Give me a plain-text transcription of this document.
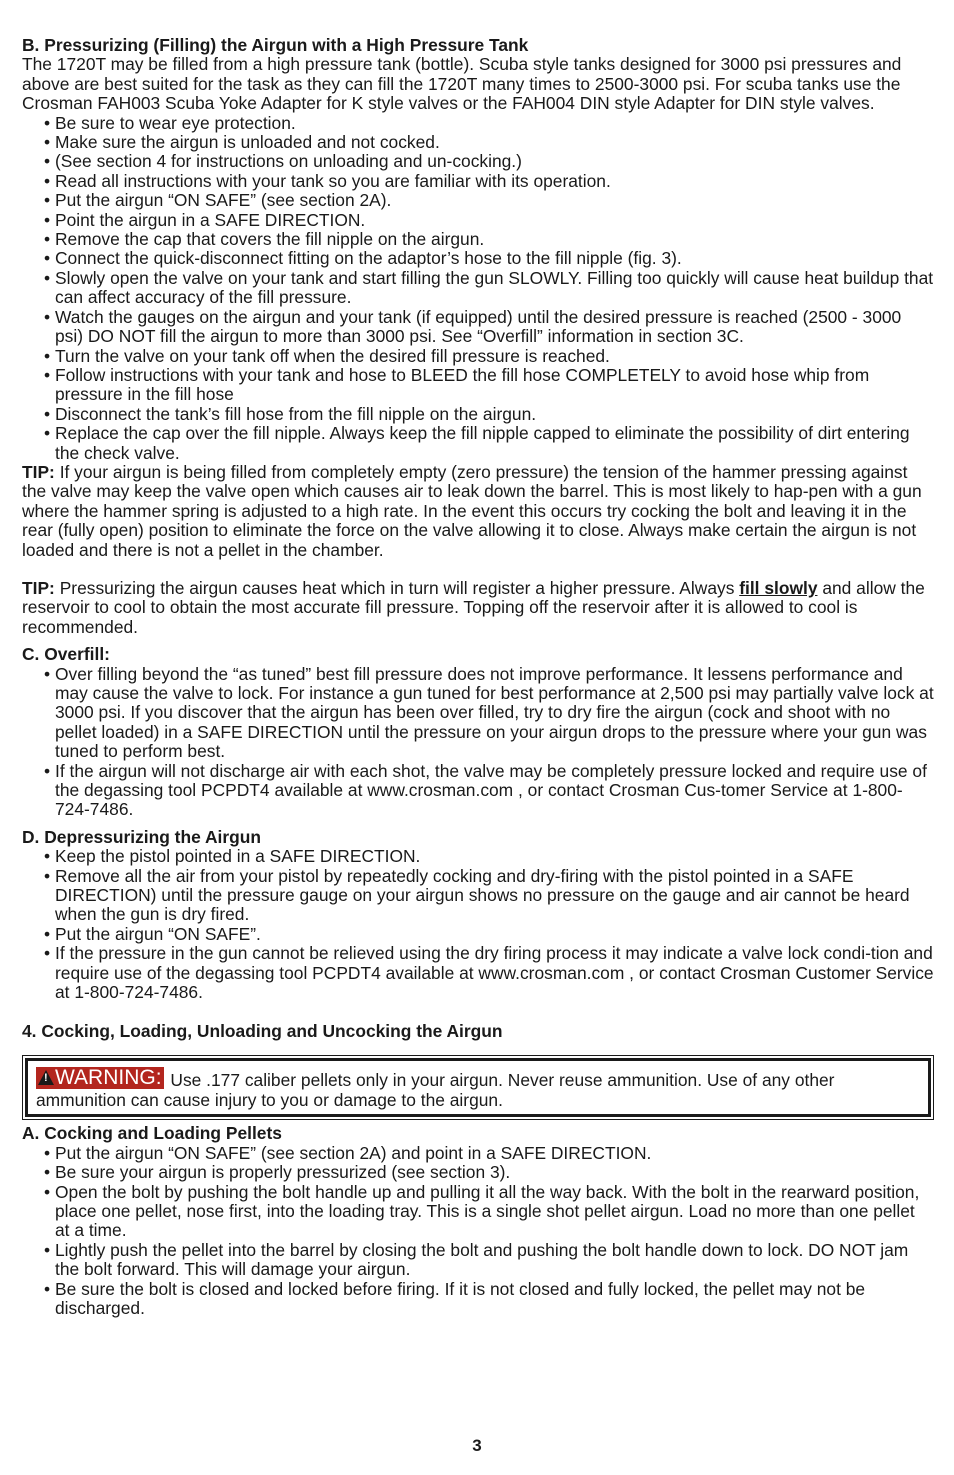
B. Pressurizing (Filling) the Airgun with a High Pressure Tank

The 1720T may be filled from a high pressure tank (bottle). Scuba style tanks designed for 3000 psi pressures and above are best suited for the task as they can fill the 1720T many times to 2500-3000 psi. For scuba tanks use the Crosman FAH003 Scuba Yoke Adapter for K style valves or the FAH004 DIN style Adapter for DIN style valves.

• Be sure to wear eye protection.
• Make sure the airgun is unloaded and not cocked.
• (See section 4 for instructions on unloading and un-cocking.)
• Read all instructions with your tank so you are familiar with its operation.
• Put the airgun “ON SAFE” (see section 2A).
• Point the airgun in a SAFE DIRECTION.
• Remove the cap that covers the fill nipple on the airgun.
• Connect the quick-disconnect fitting on the adaptor’s hose to the fill nipple (fig. 3).
• Slowly open the valve on your tank and start filling the gun SLOWLY. Filling too quickly will cause heat buildup that can affect accuracy of the fill pressure.
• Watch the gauges on the airgun and your tank (if equipped) until the desired pressure is reached (2500 - 3000 psi) DO NOT fill the airgun to more than 3000 psi. See “Overfill” information in section 3C.
• Turn the valve on your tank off when the desired fill pressure is reached.
• Follow instructions with your tank and hose to BLEED the fill hose COMPLETELY to avoid hose whip from pressure in the fill hose
• Disconnect the tank’s fill hose from the fill nipple on the airgun.
• Replace the cap over the fill nipple. Always keep the fill nipple capped to eliminate the possibility of dirt entering the check valve.

TIP: If your airgun is being filled from completely empty (zero pressure) the tension of the hammer pressing against the valve may keep the valve open which causes air to leak down the barrel. This is most likely to hap-pen with a gun where the hammer spring is adjusted to a high rate. In the event this occurs try cocking the bolt and leaving it in the rear (fully open) position to eliminate the force on the valve allowing it to close. Always make certain the airgun is not loaded and there is not a pellet in the chamber.

TIP: Pressurizing the airgun causes heat which in turn will register a higher pressure. Always fill slowly and allow the reservoir to cool to obtain the most accurate fill pressure. Topping off the reservoir after it is allowed to cool is recommended.

C. Overfill:

• Over filling beyond the “as tuned” best fill pressure does not improve performance. It lessens performance and may cause the valve to lock. For instance a gun tuned for best performance at 2,500 psi may partially valve lock at 3000 psi. If you discover that the airgun has been over filled, try to dry fire the airgun (cock and shoot with no pellet loaded) in a SAFE DIRECTION until the pressure on your airgun drops to the pressure where your gun was tuned to perform best.
• If the airgun will not discharge air with each shot, the valve may be completely pressure locked and require use of the degassing tool PCPDT4 available at www.crosman.com , or contact Crosman Cus-tomer Service at 1-800-724-7486.

D. Depressurizing the Airgun

• Keep the pistol pointed in a SAFE DIRECTION.
• Remove all the air from your pistol by repeatedly cocking and dry-firing with the pistol pointed in a SAFE DIRECTION) until the pressure gauge on your airgun shows no pressure on the gauge and air cannot be heard when the gun is dry fired.
• Put the airgun “ON SAFE”.
• If the pressure in the gun cannot be relieved using the dry firing process it may indicate a valve lock condi-tion and require use of the degassing tool PCPDT4 available at www.crosman.com , or contact Crosman Customer Service at 1-800-724-7486.

4. Cocking, Loading, Unloading and Uncocking the Airgun

! WARNING: Use .177 caliber pellets only in your airgun. Never reuse ammunition. Use of any other ammunition can cause injury to you or damage to the airgun.

A. Cocking and Loading Pellets

• Put the airgun “ON SAFE” (see section 2A) and point in a SAFE DIRECTION.
• Be sure your airgun is properly pressurized (see section 3).
• Open the bolt by pushing the bolt handle up and pulling it all the way back. With the bolt in the rearward position, place one pellet, nose first, into the loading tray. This is a single shot pellet airgun. Load no more than one pellet at a time.
• Lightly push the pellet into the barrel by closing the bolt and pushing the bolt handle down to lock. DO NOT jam the bolt forward. This will damage your airgun.
• Be sure the bolt is closed and locked before firing. If it is not closed and fully locked, the pellet may not be discharged.
3
